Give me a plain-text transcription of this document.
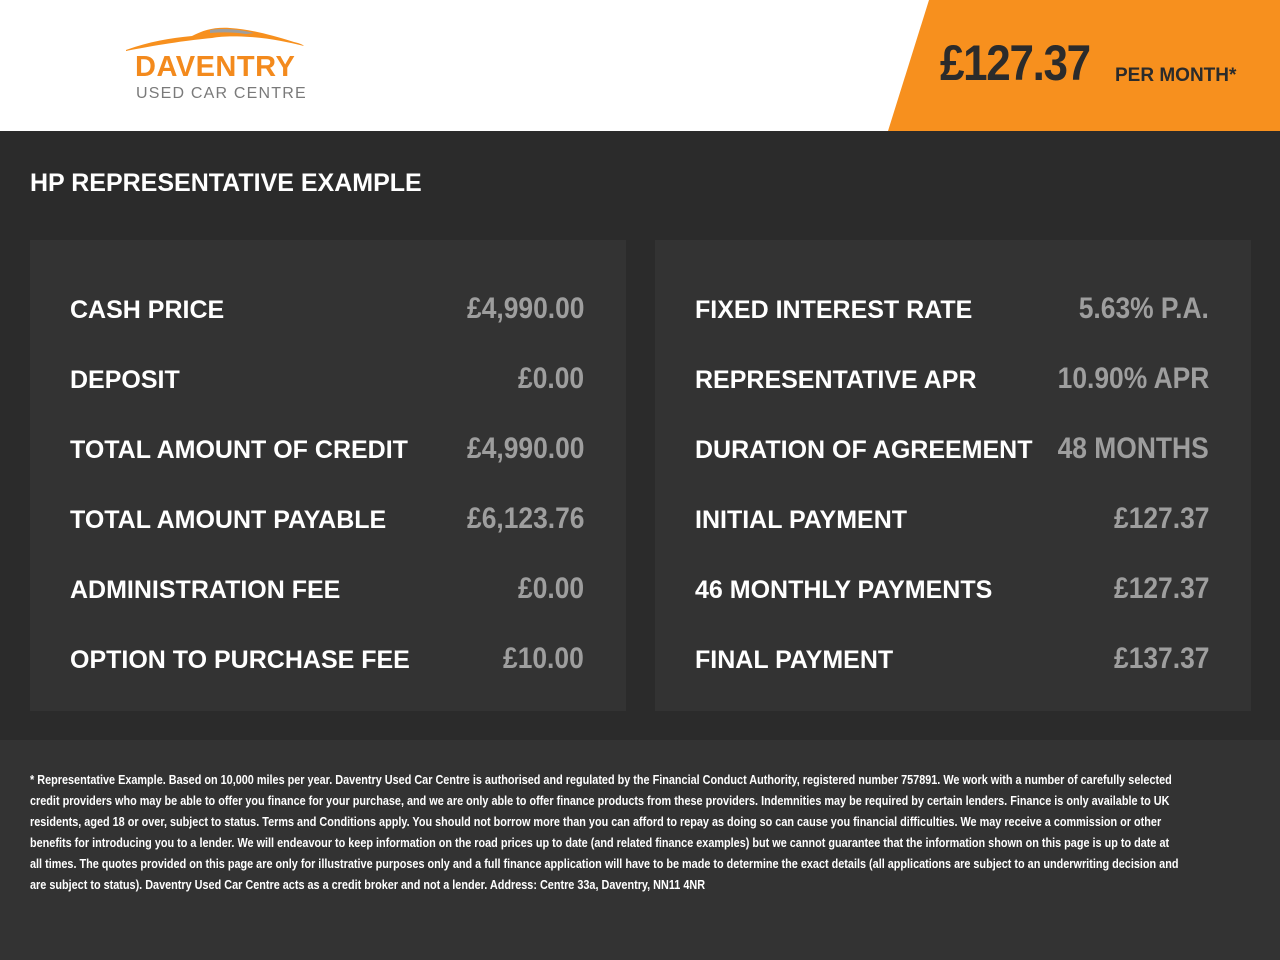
DAVENTRY
USED CAR CENTRE
£127.37 PER MONTH*
HP REPRESENTATIVE EXAMPLE
CASH PRICE	£4,990.00
DEPOSIT	£0.00
TOTAL AMOUNT OF CREDIT £4,990.00
TOTAL AMOUNT PAYABLE	£6,123.76
ADMINISTRATION FEE	£0.00
OPTION TO PURCHASE FEE	£10.00
FIXED INTEREST RATE	5.63% P.A.
REPRESENTATIVE APR	10.90% APR
DURATION OF AGREEMENT 48 MONTHS
INITIAL PAYMENT	£127.37
46 MONTHLY PAYMENTS	£127.37
FINAL PAYMENT	£137.37
* Representative Example. Based on 10,000 miles per year. Daventry Used Car Centre is authorised and regulated by the Financial Conduct Authority, registered number 757891. We work with a number of carefully selected credit providers who may be able to offer you finance for your purchase, and we are only able to offer finance products from these providers. Indemnities may be required by certain lenders. Finance is only available to UK residents, aged 18 or over, subject to status. Terms and Conditions apply. You should not borrow more than you can afford to repay as doing so can cause you financial difficulties. We may receive a commission or other benefits for introducing you to a lender. We will endeavour to keep information on the road prices up to date (and related finance examples) but we cannot guarantee that the information shown on this page is up to date at all times. The quotes provided on this page are only for illustrative purposes only and a full finance application will have to be made to determine the exact details (all applications are subject to an underwriting decision and are subject to status). Daventry Used Car Centre acts as a credit broker and not a lender. Address: Centre 33a, Daventry, NN11 4NR
